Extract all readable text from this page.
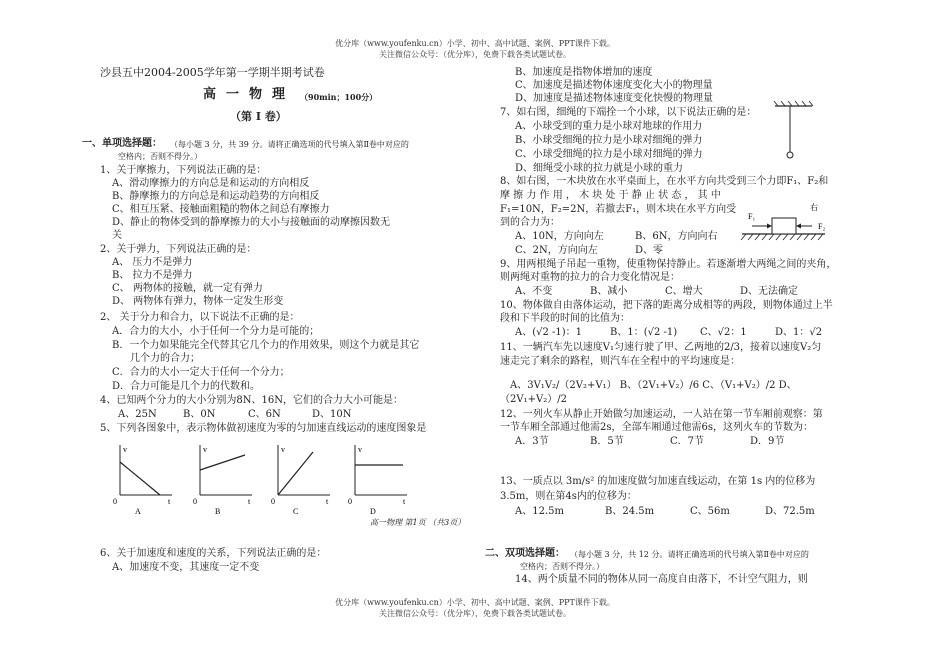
优分库（www.youfenku.cn）小学、初中、高中试题、案例、PPT课件下载。
关注微信公众号：（优分库），免费下载各类试题试卷。
沙县五中2004-2005学年第一学期半期考试卷
高一物理 （90min；100分）
（第 I 卷）
一、单项选择题： （每小题 3 分，共 39 分。请将正确选项的代号填入第Ⅱ卷中对应的
空格内；否则不得分。）
1、关于摩擦力，下列说法正确的是：
A、滑动摩擦力的方向总是和运动的方向相反
B、静摩擦力的方向总是和运动趋势的方向相反
C、相互压紧、接触面粗糙的物体之间总有摩擦力
D、静止的物体受到的静摩擦力的大小与接触面的动摩擦因数无
关
2、关于弹力，下列说法正确的是：
A、 压力不是弹力
B、 拉力不是弹力
C、 两物体的接触，就一定有弹力
D、 两物体有弹力，物体一定发生形变
2、 关于分力和合力，以下说法不正确的是：
A．合力的大小，小于任何一个分力是可能的；
B．一个力如果能完全代替其它几个力的作用效果，则这个力就是其它
几个力的合力；
C．合力的大小一定大于任何一个分力；
D．合力可能是几个力的代数和。
4、已知两个分力的大小分别为8N、16N，它们的合力大小可能是：
A、25N	B、0N	C、6N	D、10N
5、下列各图象中，表示物体做初速度为零的匀加速直线运动的速度图象是
v
t
0
A
v
t
0
B
v
t
0
C
v
t
0
D
高一物理 第1页 （共3页）
6、关于加速度和速度的关系，下列说法正确的是：
A、加速度不变，其速度一定不变
B、加速度是指物体增加的速度
C、加速度是描述物体速度变化大小的物理量
D、加速度是描述物体速度变化快慢的物理量
7、如右图，细绳的下端拴一个小球，以下说法正确的是：
A、小球受到的重力是小球对地球的作用力
B、小球受细绳的拉力是小球对细绳的弹力
C、小球受细绳的拉力是小球对细绳的弹力
D、细绳受小球的拉力就是小球的重力
8、如右图，一木块放在水平桌面上，在水平方向共受到三个力即F₁、F₂和
摩 擦 力 作 用 ， 木 块 处 于 静 止 状 态 ， 其 中
F₁=10N，F₂=2N，若撤去F₁，则木块在水平方向受
到的合力为：
A、10N，方向向左	B、6N，方向向右
C、2N，方向向左	D、零
F₁
F₂
右
9、用两根绳子吊起一重物，使重物保持静止。若逐渐增大两绳之间的夹角，
则两绳对重物的拉力的合力变化情况是：
A、不变	B、减小	C、增大	D、无法确定
10、物体做自由落体运动，把下落的距离分成相等的两段，则物体通过上半
段和下半段的时间的比值为：
A、(√2 -1)：1	B、1：(√2 -1) C、√2：1	D、1：√2
11、一辆汽车先以速度V₁匀速行驶了甲、乙两地的2/3，接着以速度V₂匀
速走完了剩余的路程，则汽车在全程中的平均速度是：
A、3V₁V₂/（2V₂+V₁） B、（2V₁+V₂）/6 C、（V₁+V₂）/2 D、
（2V₁+V₂）/2
12、一列火车从静止开始做匀加速运动，一人站在第一节车厢前观察：第
一节车厢全部通过他需2s，全部车厢通过他需6s，这列火车的节数为：
A．3节	B．5节	C．7节	D．9节
13、一质点以 3m/s² 的加速度做匀加速直线运动，在第 1s 内的位移为
3.5m，则在第4s内的位移为：
A、12.5m	B、24.5m	C、56m	D、72.5m
二、双项选择题： （每小题 3 分，共 12 分。请将正确选项的代号填入第Ⅱ卷中对应的
空格内；否则不得分。）
14、两个质量不同的物体从同一高度自由落下，不计空气阻力，则
优分库（www.youfenku.cn）小学、初中、高中试题、案例、PPT课件下载。
关注微信公众号：（优分库），免费下载各类试题试卷。
